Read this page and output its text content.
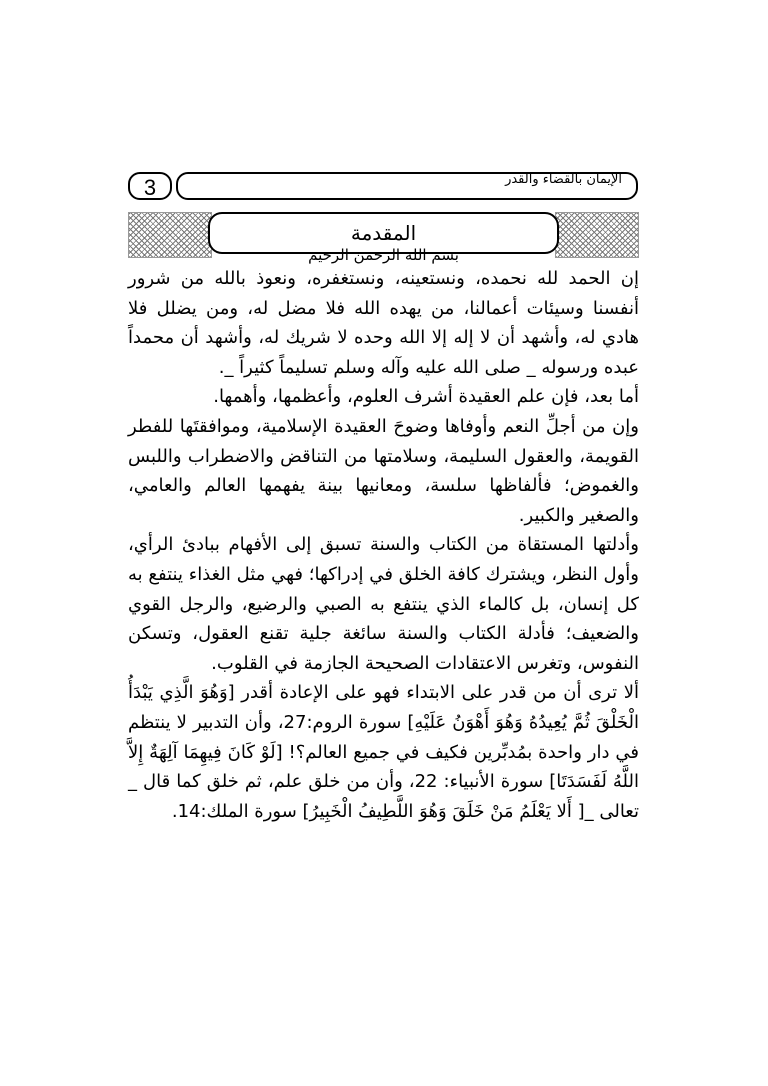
3	الإيمان بالقضاء والقدر
المقدمة
بسم الله الرحمن الرحيم

إن الحمد لله نحمده، ونستعينه، ونستغفره، ونعوذ بالله من شرور أنفسنا وسيئات أعمالنا، من يهده الله فلا مضل له، ومن يضلل فلا هادي له، وأشهد أن لا إله إلا الله وحده لا شريك له، وأشهد أن محمداً عبده ورسوله _ صلى الله عليه وآله وسلم تسليماً كثيراً _.

أما بعد، فإن علم العقيدة أشرف العلوم، وأعظمها، وأهمها.

وإن من أجلِّ النعم وأوفاها وضوحَ العقيدة الإسلامية، وموافقتَها للفطر القويمة، والعقول السليمة، وسلامتها من التناقض والاضطراب واللبس والغموض؛ فألفاظها سلسة، ومعانيها بينة يفهمها العالم والعامي، والصغير والكبير.

وأدلتها المستقاة من الكتاب والسنة تسبق إلى الأفهام ببادئ الرأي، وأول النظر، ويشترك كافة الخلق في إدراكها؛ فهي مثل الغذاء ينتفع به كل إنسان، بل كالماء الذي ينتفع به الصبي والرضيع، والرجل القوي والضعيف؛ فأدلة الكتاب والسنة سائغة جلية تقنع العقول، وتسكن النفوس، وتغرس الاعتقادات الصحيحة الجازمة في القلوب.

ألا ترى أن من قدر على الابتداء فهو على الإعادة أقدر [وَهُوَ الَّذِي يَبْدَأُ الْخَلْقَ ثُمَّ يُعِيدُهُ وَهُوَ أَهْوَنُ عَلَيْهِ] سورة الروم:27، وأن التدبير لا ينتظم في دار واحدة بمُدبِّرين فكيف في جميع العالم؟! [لَوْ كَانَ فِيهِمَا آلِهَةٌ إِلاَّ اللَّهُ لَفَسَدَتَا] سورة الأنبياء: 22، وأن من خلق علم، ثم خلق كما قال _ تعالى _[ أَلا يَعْلَمُ مَنْ خَلَقَ وَهُوَ اللَّطِيفُ الْخَبِيرُ] سورة الملك:14.
